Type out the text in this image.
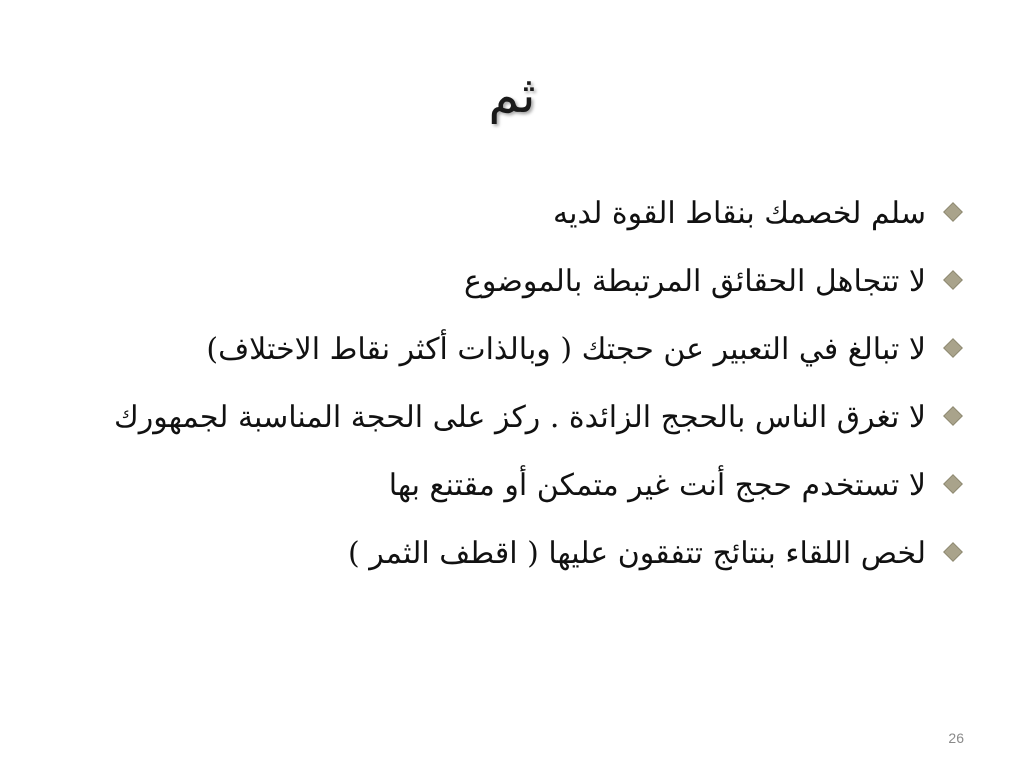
ثم
سلم لخصمك بنقاط القوة لديه
لا تتجاهل الحقائق المرتبطة بالموضوع
لا تبالغ في التعبير عن حجتك ( وبالذات أكثر نقاط الاختلاف)
لا تغرق الناس بالحجج الزائدة . ركز على الحجة المناسبة لجمهورك
لا تستخدم حجج أنت غير متمكن أو مقتنع بها
لخص اللقاء بنتائج تتفقون عليها ( اقطف الثمر )
26
